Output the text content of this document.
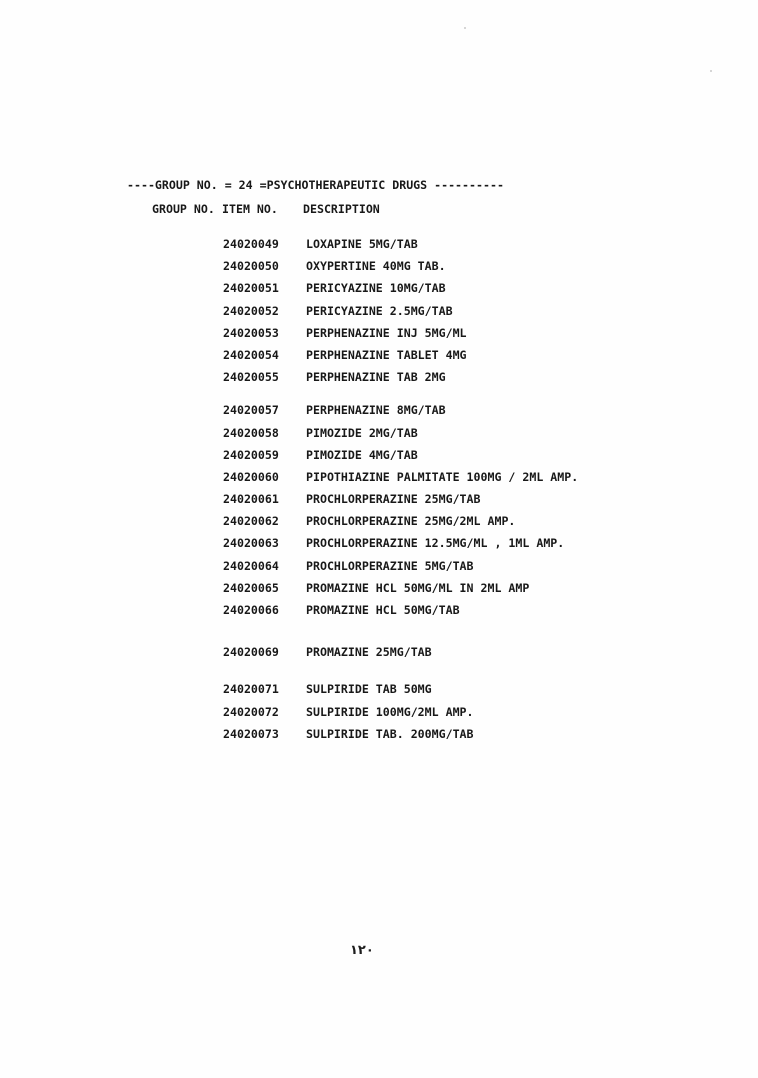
----GROUP NO. = 24 =PSYCHOTHERAPEUTIC DRUGS ----------
GROUP NO. ITEM NO. DESCRIPTION
24020049 LOXAPINE 5MG/TAB
24020050 OXYPERTINE 40MG TAB.
24020051 PERICYAZINE 10MG/TAB
24020052 PERICYAZINE 2.5MG/TAB
24020053 PERPHENAZINE INJ 5MG/ML
24020054 PERPHENAZINE TABLET 4MG
24020055 PERPHENAZINE TAB 2MG
24020057 PERPHENAZINE 8MG/TAB
24020058 PIMOZIDE 2MG/TAB
24020059 PIMOZIDE 4MG/TAB
24020060 PIPOTHIAZINE PALMITATE 100MG / 2ML AMP.
24020061 PROCHLORPERAZINE 25MG/TAB
24020062 PROCHLORPERAZINE 25MG/2ML AMP.
24020063 PROCHLORPERAZINE 12.5MG/ML , 1ML AMP.
24020064 PROCHLORPERAZINE 5MG/TAB
24020065 PROMAZINE HCL 50MG/ML IN 2ML AMP
24020066 PROMAZINE HCL 50MG/TAB
24020069 PROMAZINE 25MG/TAB
24020071 SULPIRIDE TAB 50MG
24020072 SULPIRIDE 100MG/2ML AMP.
24020073 SULPIRIDE TAB. 200MG/TAB
١٢٠
